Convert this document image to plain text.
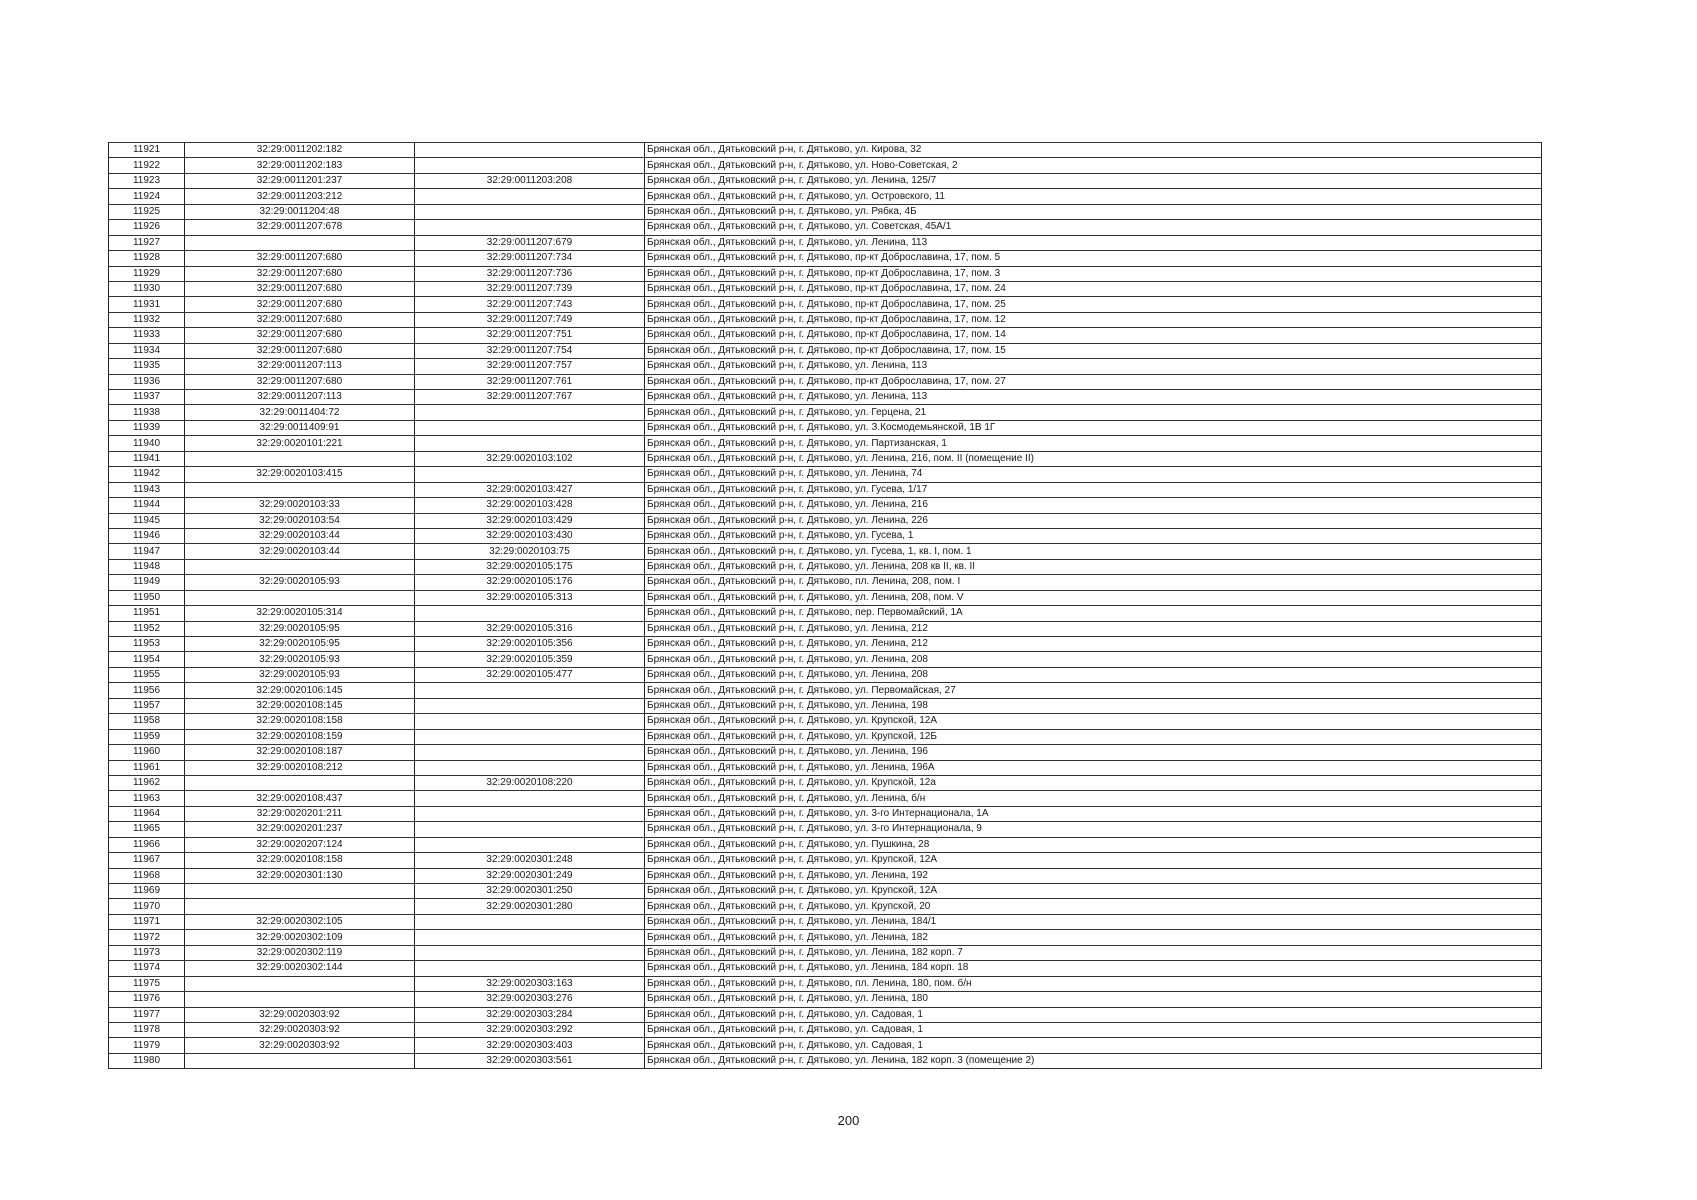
11921	32:29:0011202:182		Брянская обл., Дятьковский р-н, г. Дятьково, ул. Кирова, 32
11922	32:29:0011202:183		Брянская обл., Дятьковский р-н, г. Дятьково, ул. Ново-Советская, 2
11923	32:29:0011201:237	32:29:0011203:208	Брянская обл., Дятьковский р-н, г. Дятьково, ул. Ленина, 125/7
11924	32:29:0011203:212		Брянская обл., Дятьковский р-н, г. Дятьково, ул. Островского, 11
11925	32:29:0011204:48		Брянская обл., Дятьковский р-н, г. Дятьково, ул. Рябка, 4Б
11926	32:29:0011207:678		Брянская обл., Дятьковский р-н, г. Дятьково, ул. Советская, 45А/1
11927		32:29:0011207:679	Брянская обл., Дятьковский р-н, г. Дятьково, ул. Ленина, 113
11928	32:29:0011207:680	32:29:0011207:734	Брянская обл., Дятьковский р-н, г. Дятьково, пр-кт Доброславина, 17, пом. 5
11929	32:29:0011207:680	32:29:0011207:736	Брянская обл., Дятьковский р-н, г. Дятьково, пр-кт Доброславина, 17, пом. 3
11930	32:29:0011207:680	32:29:0011207:739	Брянская обл., Дятьковский р-н, г. Дятьково, пр-кт Доброславина, 17, пом. 24
11931	32:29:0011207:680	32:29:0011207:743	Брянская обл., Дятьковский р-н, г. Дятьково, пр-кт Доброславина, 17, пом. 25
11932	32:29:0011207:680	32:29:0011207:749	Брянская обл., Дятьковский р-н, г. Дятьково, пр-кт Доброславина, 17, пом. 12
11933	32:29:0011207:680	32:29:0011207:751	Брянская обл., Дятьковский р-н, г. Дятьково, пр-кт Доброславина, 17, пом. 14
11934	32:29:0011207:680	32:29:0011207:754	Брянская обл., Дятьковский р-н, г. Дятьково, пр-кт Доброславина, 17, пом. 15
11935	32:29:0011207:113	32:29:0011207:757	Брянская обл., Дятьковский р-н, г. Дятьково, ул. Ленина, 113
11936	32:29:0011207:680	32:29:0011207:761	Брянская обл., Дятьковский р-н, г. Дятьково, пр-кт Доброславина, 17, пом. 27
11937	32:29:0011207:113	32:29:0011207:767	Брянская обл., Дятьковский р-н, г. Дятьково, ул. Ленина, 113
11938	32:29:0011404:72		Брянская обл., Дятьковский р-н, г. Дятьково, ул. Герцена, 21
11939	32:29:0011409:91		Брянская обл., Дятьковский р-н, г. Дятьково, ул. З.Космодемьянской, 1В 1Г
11940	32:29:0020101:221		Брянская обл., Дятьковский р-н, г. Дятьково, ул. Партизанская, 1
11941		32:29:0020103:102	Брянская обл., Дятьковский р-н, г. Дятьково, ул. Ленина, 216, пом. II (помещение II)
11942	32:29:0020103:415		Брянская обл., Дятьковский р-н, г. Дятьково, ул. Ленина, 74
11943		32:29:0020103:427	Брянская обл., Дятьковский р-н, г. Дятьково, ул. Гусева, 1/17
11944	32:29:0020103:33	32:29:0020103:428	Брянская обл., Дятьковский р-н, г. Дятьково, ул. Ленина, 216
11945	32:29:0020103:54	32:29:0020103:429	Брянская обл., Дятьковский р-н, г. Дятьково, ул. Ленина, 226
11946	32:29:0020103:44	32:29:0020103:430	Брянская обл., Дятьковский р-н, г. Дятьково, ул. Гусева, 1
11947	32:29:0020103:44	32:29:0020103:75	Брянская обл., Дятьковский р-н, г. Дятьково, ул. Гусева, 1, кв. I, пом. 1
11948		32:29:0020105:175	Брянская обл., Дятьковский р-н, г. Дятьково, ул. Ленина, 208 кв II, кв. II
11949	32:29:0020105:93	32:29:0020105:176	Брянская обл., Дятьковский р-н, г. Дятьково, пл. Ленина, 208, пом. I
11950		32:29:0020105:313	Брянская обл., Дятьковский р-н, г. Дятьково, ул. Ленина, 208, пом. V
11951	32:29:0020105:314		Брянская обл., Дятьковский р-н, г. Дятьково, пер. Первомайский, 1А
11952	32:29:0020105:95	32:29:0020105:316	Брянская обл., Дятьковский р-н, г. Дятьково, ул. Ленина, 212
11953	32:29:0020105:95	32:29:0020105:356	Брянская обл., Дятьковский р-н, г. Дятьково, ул. Ленина, 212
11954	32:29:0020105:93	32:29:0020105:359	Брянская обл., Дятьковский р-н, г. Дятьково, ул. Ленина, 208
11955	32:29:0020105:93	32:29:0020105:477	Брянская обл., Дятьковский р-н, г. Дятьково, ул. Ленина, 208
11956	32:29:0020106:145		Брянская обл., Дятьковский р-н, г. Дятьково, ул. Первомайская, 27
11957	32:29:0020108:145		Брянская обл., Дятьковский р-н, г. Дятьково, ул. Ленина, 198
11958	32:29:0020108:158		Брянская обл., Дятьковский р-н, г. Дятьково, ул. Крупской, 12А
11959	32:29:0020108:159		Брянская обл., Дятьковский р-н, г. Дятьково, ул. Крупской, 12Б
11960	32:29:0020108:187		Брянская обл., Дятьковский р-н, г. Дятьково, ул. Ленина, 196
11961	32:29:0020108:212		Брянская обл., Дятьковский р-н, г. Дятьково, ул. Ленина, 196А
11962		32:29:0020108:220	Брянская обл., Дятьковский р-н, г. Дятьково, ул. Крупской, 12а
11963	32:29:0020108:437		Брянская обл., Дятьковский р-н, г. Дятьково, ул. Ленина, б/н
11964	32:29:0020201:211		Брянская обл., Дятьковский р-н, г. Дятьково, ул. 3-го Интернационала, 1А
11965	32:29:0020201:237		Брянская обл., Дятьковский р-н, г. Дятьково, ул. 3-го Интернационала, 9
11966	32:29:0020207:124		Брянская обл., Дятьковский р-н, г. Дятьково, ул. Пушкина, 28
11967	32:29:0020108:158	32:29:0020301:248	Брянская обл., Дятьковский р-н, г. Дятьково, ул. Крупской, 12А
11968	32:29:0020301:130	32:29:0020301:249	Брянская обл., Дятьковский р-н, г. Дятьково, ул. Ленина, 192
11969		32:29:0020301:250	Брянская обл., Дятьковский р-н, г. Дятьково, ул. Крупской, 12А
11970		32:29:0020301:280	Брянская обл., Дятьковский р-н, г. Дятьково, ул. Крупской, 20
11971	32:29:0020302:105		Брянская обл., Дятьковский р-н, г. Дятьково, ул. Ленина, 184/1
11972	32:29:0020302:109		Брянская обл., Дятьковский р-н, г. Дятьково, ул. Ленина, 182
11973	32:29:0020302:119		Брянская обл., Дятьковский р-н, г. Дятьково, ул. Ленина, 182 корп. 7
11974	32:29:0020302:144		Брянская обл., Дятьковский р-н, г. Дятьково, ул. Ленина, 184 корп. 18
11975		32:29:0020303:163	Брянская обл., Дятьковский р-н, г. Дятьково, пл. Ленина, 180, пом. б/н
11976		32:29:0020303:276	Брянская обл., Дятьковский р-н, г. Дятьково, ул. Ленина, 180
11977	32:29:0020303:92	32:29:0020303:284	Брянская обл., Дятьковский р-н, г. Дятьково, ул. Садовая, 1
11978	32:29:0020303:92	32:29:0020303:292	Брянская обл., Дятьковский р-н, г. Дятьково, ул. Садовая, 1
11979	32:29:0020303:92	32:29:0020303:403	Брянская обл., Дятьковский р-н, г. Дятьково, ул. Садовая, 1
11980		32:29:0020303:561	Брянская обл., Дятьковский р-н, г. Дятьково, ул. Ленина, 182 корп. 3 (помещение 2)
200
